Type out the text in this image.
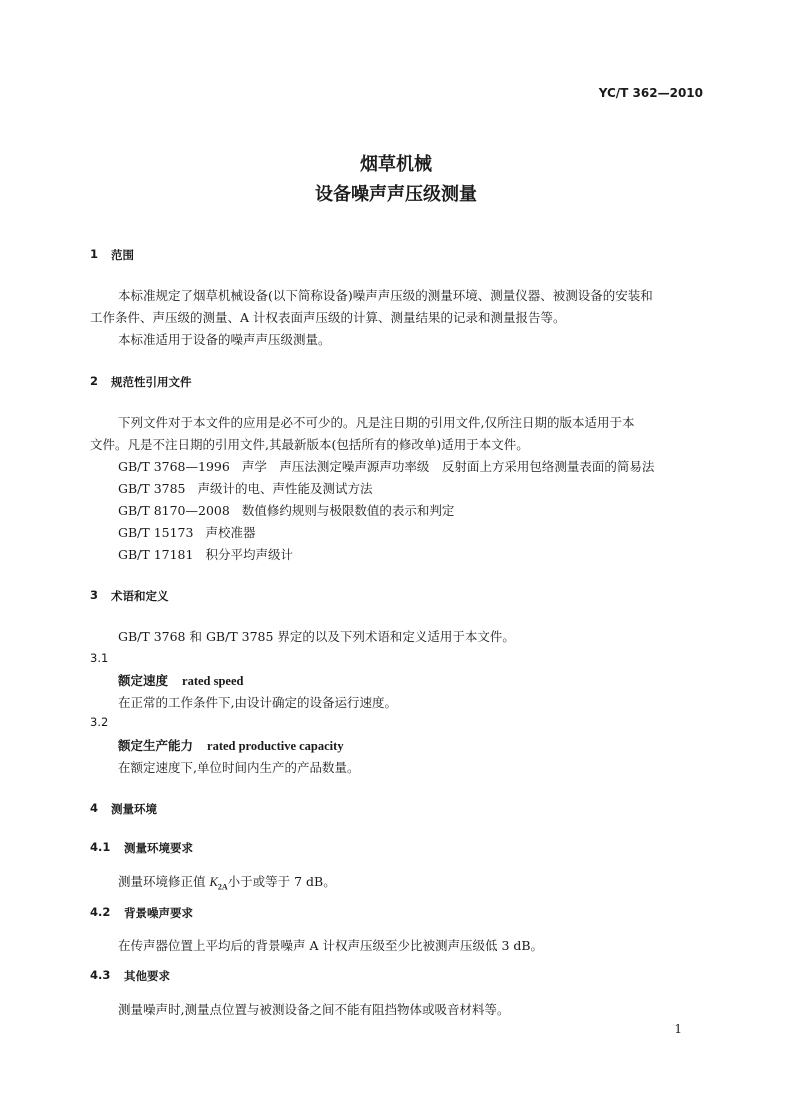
YC/T 362—2010
烟草机械
设备噪声声压级测量
1 范围
本标准规定了烟草机械设备(以下简称设备)噪声声压级的测量环境、测量仪器、被测设备的安装和
工作条件、声压级的测量、A 计权表面声压级的计算、测量结果的记录和测量报告等。
本标准适用于设备的噪声声压级测量。
2 规范性引用文件
下列文件对于本文件的应用是必不可少的。凡是注日期的引用文件,仅所注日期的版本适用于本
文件。凡是不注日期的引用文件,其最新版本(包括所有的修改单)适用于本文件。
GB/T 3768—1996 声学　声压法测定噪声源声功率级　反射面上方采用包络测量表面的简易法
GB/T 3785 声级计的电、声性能及测试方法
GB/T 8170—2008 数值修约规则与极限数值的表示和判定
GB/T 15173 声校准器
GB/T 17181 积分平均声级计
3 术语和定义
GB/T 3768 和 GB/T 3785 界定的以及下列术语和定义适用于本文件。
3.1
额定速度 rated speed
在正常的工作条件下,由设计确定的设备运行速度。
3.2
额定生产能力 rated productive capacity
在额定速度下,单位时间内生产的产品数量。
4 测量环境
4.1 测量环境要求
测量环境修正值 $K_{2A}$小于或等于 7 dB。
4.2 背景噪声要求
在传声器位置上平均后的背景噪声 A 计权声压级至少比被测声压级低 3 dB。
4.3 其他要求
测量噪声时,测量点位置与被测设备之间不能有阻挡物体或吸音材料等。
1
